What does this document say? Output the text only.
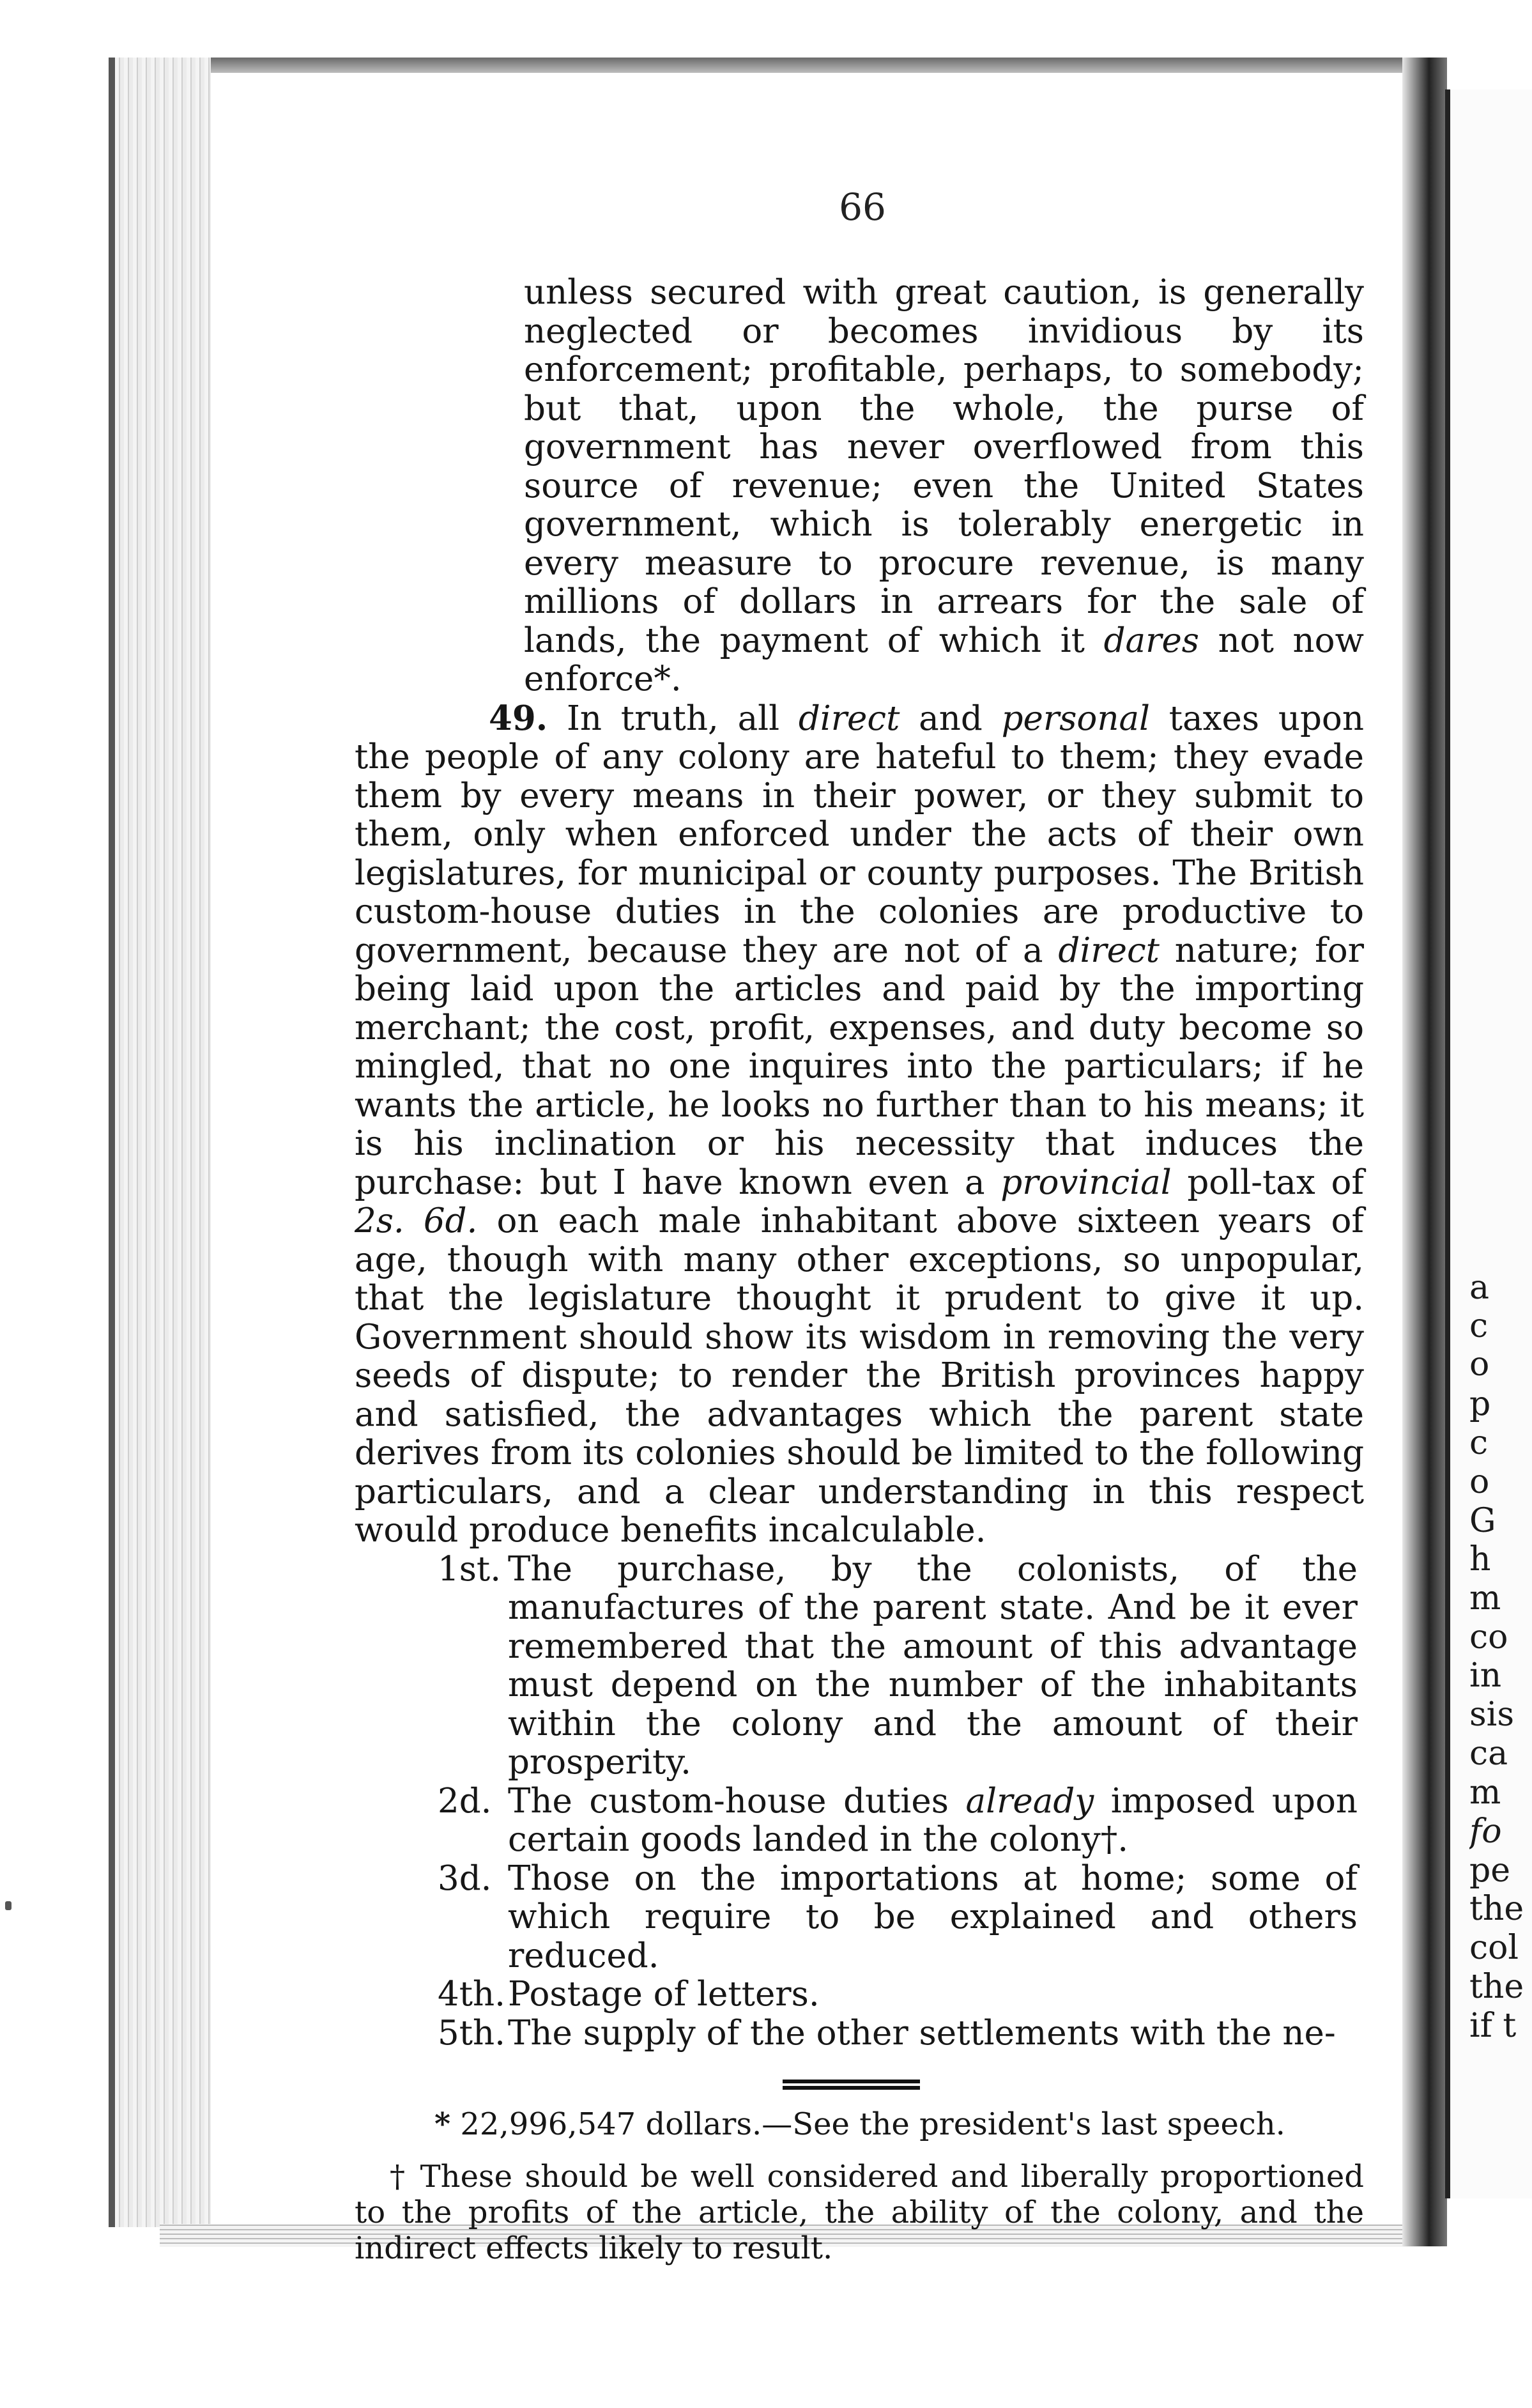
66
unless secured with great caution, is generally neglected or becomes invidious by its enforcement; profitable, perhaps, to somebody; but that, upon the whole, the purse of government has never overflowed from this source of revenue; even the United States government, which is tolerably energetic in every measure to procure revenue, is many millions of dollars in arrears for the sale of lands, the payment of which it dares not now enforce*.
49. In truth, all direct and personal taxes upon the people of any colony are hateful to them; they evade them by every means in their power, or they submit to them, only when enforced under the acts of their own legislatures, for municipal or county purposes. The British custom-house duties in the colonies are productive to government, because they are not of a direct nature; for being laid upon the articles and paid by the importing merchant; the cost, profit, expenses, and duty become so mingled, that no one inquires into the particulars; if he wants the article, he looks no further than to his means; it is his inclination or his necessity that induces the purchase: but I have known even a provincial poll-tax of 2s. 6d. on each male inhabitant above sixteen years of age, though with many other exceptions, so unpopular, that the legislature thought it prudent to give it up. Government should show its wisdom in removing the very seeds of dispute; to render the British provinces happy and satisfied, the advantages which the parent state derives from its colonies should be limited to the following particulars, and a clear understanding in this respect would produce benefits incalculable.
1st. The purchase, by the colonists, of the manufactures of the parent state. And be it ever remembered that the amount of this advantage must depend on the number of the inhabitants within the colony and the amount of their prosperity.
2d. The custom-house duties already imposed upon certain goods landed in the colony†.
3d. Those on the importations at home; some of which require to be explained and others reduced.
4th. Postage of letters.
5th. The supply of the other settlements with the ne-
* 22,996,547 dollars.—See the president's last speech.
† These should be well considered and liberally proportioned to the profits of the article, the ability of the colony, and the indirect effects likely to result.
a
c
o
p
c
o
G
h
m
co
in
sis
ca
m
fo
pe
the
col
the
if t
